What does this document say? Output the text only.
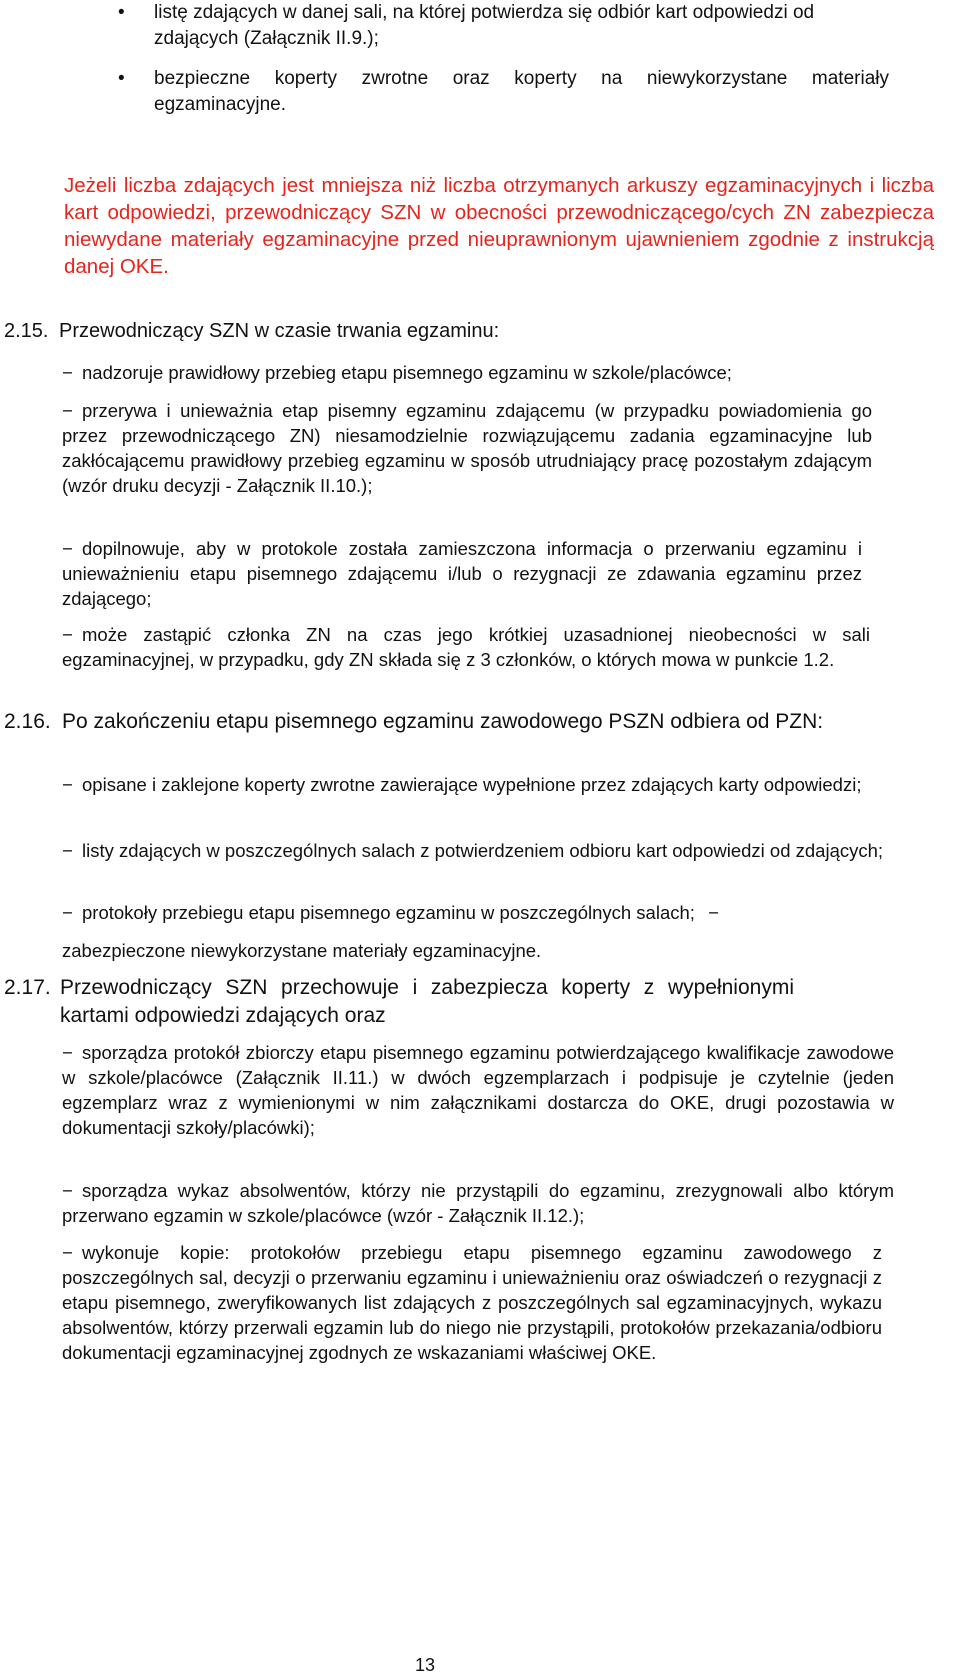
• listę zdających w danej sali, na której potwierdza się odbiór kart odpowiedzi od zdających (Załącznik II.9.);
• bezpieczne koperty zwrotne oraz koperty na niewykorzystane materiały egzaminacyjne.
Jeżeli liczba zdających jest mniejsza niż liczba otrzymanych arkuszy egzaminacyjnych i liczba kart odpowiedzi, przewodniczący SZN w obecności przewodniczącego/cych ZN zabezpiecza niewydane materiały egzaminacyjne przed nieuprawnionym ujawnieniem zgodnie z instrukcją danej OKE.
2.15. Przewodniczący SZN w czasie trwania egzaminu:
− nadzoruje prawidłowy przebieg etapu pisemnego egzaminu w szkole/placówce;
− przerywa i unieważnia etap pisemny egzaminu zdającemu (w przypadku powiadomienia go przez przewodniczącego ZN) niesamodzielnie rozwiązującemu zadania egzaminacyjne lub zakłócającemu prawidłowy przebieg egzaminu w sposób utrudniający pracę pozostałym zdającym (wzór druku decyzji - Załącznik II.10.);
− dopilnowuje, aby w protokole została zamieszczona informacja o przerwaniu egzaminu i unieważnieniu etapu pisemnego zdającemu i/lub o rezygnacji ze zdawania egzaminu przez zdającego;
− może zastąpić członka ZN na czas jego krótkiej uzasadnionej nieobecności w sali egzaminacyjnej, w przypadku, gdy ZN składa się z 3 członków, o których mowa w punkcie 1.2.
2.16. Po zakończeniu etapu pisemnego egzaminu zawodowego PSZN odbiera od PZN:
− opisane i zaklejone koperty zwrotne zawierające wypełnione przez zdających karty odpowiedzi;
− listy zdających w poszczególnych salach z potwierdzeniem odbioru kart odpowiedzi od zdających;
− protokoły przebiegu etapu pisemnego egzaminu w poszczególnych salach; −
zabezpieczone niewykorzystane materiały egzaminacyjne.
2.17. Przewodniczący SZN przechowuje i zabezpiecza koperty z wypełnionymi kartami odpowiedzi zdających oraz
− sporządza protokół zbiorczy etapu pisemnego egzaminu potwierdzającego kwalifikacje zawodowe w szkole/placówce (Załącznik II.11.) w dwóch egzemplarzach i podpisuje je czytelnie (jeden egzemplarz wraz z wymienionymi w nim załącznikami dostarcza do OKE, drugi pozostawia w dokumentacji szkoły/placówki);
− sporządza wykaz absolwentów, którzy nie przystąpili do egzaminu, zrezygnowali albo którym przerwano egzamin w szkole/placówce (wzór - Załącznik II.12.);
− wykonuje kopie: protokołów przebiegu etapu pisemnego egzaminu zawodowego z poszczególnych sal, decyzji o przerwaniu egzaminu i unieważnieniu oraz oświadczeń o rezygnacji z etapu pisemnego, zweryfikowanych list zdających z poszczególnych sal egzaminacyjnych, wykazu absolwentów, którzy przerwali egzamin lub do niego nie przystąpili, protokołów przekazania/odbioru dokumentacji egzaminacyjnej zgodnych ze wskazaniami właściwej OKE.
13
